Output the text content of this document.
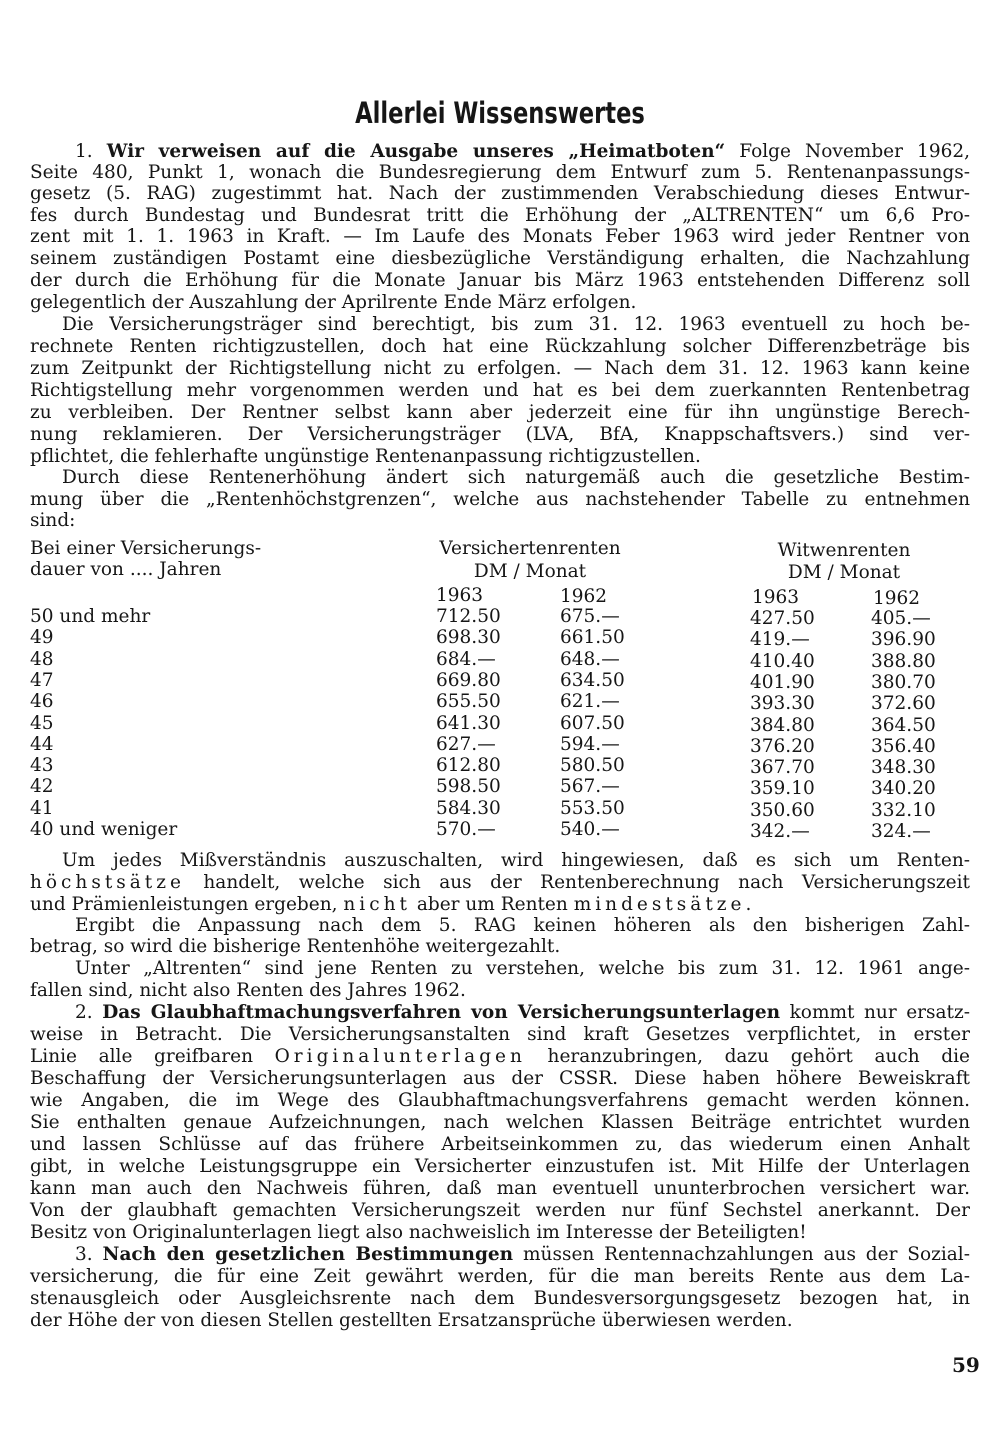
Allerlei Wissenswertes
1. Wir verweisen auf die Ausgabe unseres „Heimatboten“ Folge November 1962,
Seite 480, Punkt 1, wonach die Bundesregierung dem Entwurf zum 5. Rentenanpassungs-
gesetz (5. RAG) zugestimmt hat. Nach der zustimmenden Verabschiedung dieses Entwur-
fes durch Bundestag und Bundesrat tritt die Erhöhung der „ALTRENTEN“ um 6,6 Pro-
zent mit 1. 1. 1963 in Kraft. — Im Laufe des Monats Feber 1963 wird jeder Rentner von
seinem zuständigen Postamt eine diesbezügliche Verständigung erhalten, die Nachzahlung
der durch die Erhöhung für die Monate Januar bis März 1963 entstehenden Differenz soll
gelegentlich der Auszahlung der Aprilrente Ende März erfolgen.
Die Versicherungsträger sind berechtigt, bis zum 31. 12. 1963 eventuell zu hoch be-
rechnete Renten richtigzustellen, doch hat eine Rückzahlung solcher Differenzbeträge bis
zum Zeitpunkt der Richtigstellung nicht zu erfolgen. — Nach dem 31. 12. 1963 kann keine
Richtigstellung mehr vorgenommen werden und hat es bei dem zuerkannten Rentenbetrag
zu verbleiben. Der Rentner selbst kann aber jederzeit eine für ihn ungünstige Berech-
nung reklamieren. Der Versicherungsträger (LVA, BfA, Knappschaftsvers.) sind ver-
pflichtet, die fehlerhafte ungünstige Rentenanpassung richtigzustellen.
Durch diese Rentenerhöhung ändert sich naturgemäß auch die gesetzliche Bestim-
mung über die „Rentenhöchstgrenzen“, welche aus nachstehender Tabelle zu entnehmen
sind:
Bei einer Versicherungs-
dauer von .... Jahren
Versichertenrenten
DM / Monat
Witwenrenten
DM / Monat
1963	1962	1963	1962
50 und mehr	712.50	675.—	427.50	405.—
49	698.30	661.50	419.—	396.90
48	684.—	648.—	410.40	388.80
47	669.80	634.50	401.90	380.70
46	655.50	621.—	393.30	372.60
45	641.30	607.50	384.80	364.50
44	627.—	594.—	376.20	356.40
43	612.80	580.50	367.70	348.30
42	598.50	567.—	359.10	340.20
41	584.30	553.50	350.60	332.10
40 und weniger	570.—	540.—	342.—	324.—
Um jedes Mißverständnis auszuschalten, wird hingewiesen, daß es sich um Renten-
höchstsätze handelt, welche sich aus der Rentenberechnung nach Versicherungszeit
und Prämienleistungen ergeben, nicht aber um Renten mindestsätze.
Ergibt die Anpassung nach dem 5. RAG keinen höheren als den bisherigen Zahl-
betrag, so wird die bisherige Rentenhöhe weitergezahlt.
Unter „Altrenten“ sind jene Renten zu verstehen, welche bis zum 31. 12. 1961 ange-
fallen sind, nicht also Renten des Jahres 1962.
2. Das Glaubhaftmachungsverfahren von Versicherungsunterlagen kommt nur ersatz-
weise in Betracht. Die Versicherungsanstalten sind kraft Gesetzes verpflichtet, in erster
Linie alle greifbaren Originalunterlagen heranzubringen, dazu gehört auch die
Beschaffung der Versicherungsunterlagen aus der CSSR. Diese haben höhere Beweiskraft
wie Angaben, die im Wege des Glaubhaftmachungsverfahrens gemacht werden können.
Sie enthalten genaue Aufzeichnungen, nach welchen Klassen Beiträge entrichtet wurden
und lassen Schlüsse auf das frühere Arbeitseinkommen zu, das wiederum einen Anhalt
gibt, in welche Leistungsgruppe ein Versicherter einzustufen ist. Mit Hilfe der Unterlagen
kann man auch den Nachweis führen, daß man eventuell ununterbrochen versichert war.
Von der glaubhaft gemachten Versicherungszeit werden nur fünf Sechstel anerkannt. Der
Besitz von Originalunterlagen liegt also nachweislich im Interesse der Beteiligten!
3. Nach den gesetzlichen Bestimmungen müssen Rentennachzahlungen aus der Sozial-
versicherung, die für eine Zeit gewährt werden, für die man bereits Rente aus dem La-
stenausgleich oder Ausgleichsrente nach dem Bundesversorgungsgesetz bezogen hat, in
der Höhe der von diesen Stellen gestellten Ersatzansprüche überwiesen werden.
59
